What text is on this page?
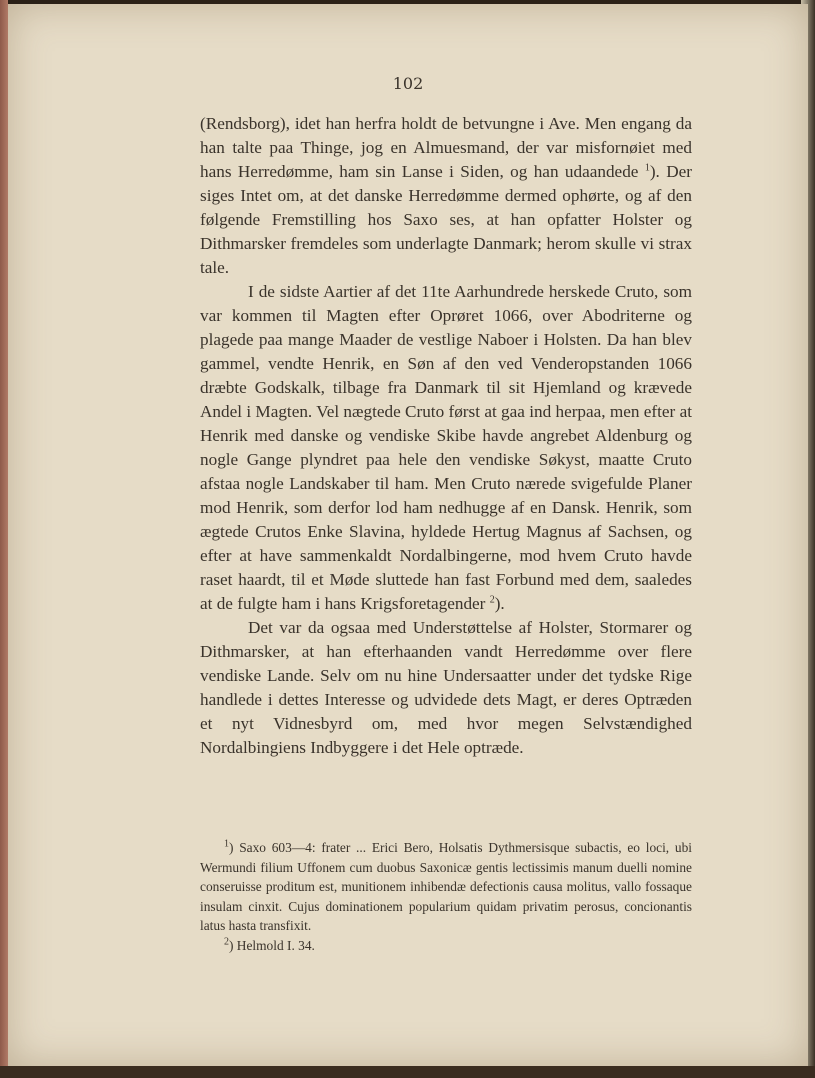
102

(Rendsborg), idet han herfra holdt de betvungne i Ave. Men engang da han talte paa Thinge, jog en Almuesmand, der var misfornøiet med hans Herredømme, ham sin Lanse i Siden, og han udaandede $^1$). Der siges Intet om, at det danske Herredømme dermed ophørte, og af den følgende Fremstilling hos Saxo ses, at han opfatter Holster og Dithmarsker fremdeles som underlagte Danmark; herom skulle vi strax tale.

I de sidste Aartier af det 11te Aarhundrede herskede Cruto, som var kommen til Magten efter Oprøret 1066, over Abodriterne og plagede paa mange Maader de vestlige Naboer i Holsten. Da han blev gammel, vendte Henrik, en Søn af den ved Venderopstanden 1066 dræbte Godskalk, tilbage fra Danmark til sit Hjemland og krævede Andel i Magten. Vel nægtede Cruto først at gaa ind herpaa, men efter at Henrik med danske og vendiske Skibe havde angrebet Aldenburg og nogle Gange plyndret paa hele den vendiske Søkyst, maatte Cruto afstaa nogle Landskaber til ham. Men Cruto nærede svigefulde Planer mod Henrik, som derfor lod ham nedhugge af en Dansk. Henrik, som ægtede Crutos Enke Slavina, hyldede Hertug Magnus af Sachsen, og efter at have sammenkaldt Nordalbingerne, mod hvem Cruto havde raset haardt, til et Møde sluttede han fast Forbund med dem, saaledes at de fulgte ham i hans Krigsforetagender $^2$).

Det var da ogsaa med Understøttelse af Holster, Stormarer og Dithmarsker, at han efterhaanden vandt Herredømme over flere vendiske Lande. Selv om nu hine Undersaatter under det tydske Rige handlede i dettes Interesse og udvidede dets Magt, er deres Optræden et nyt Vidnesbyrd om, med hvor megen Selvstændighed Nordalbingiens Indbyggere i det Hele optræde.

$^1$) Saxo 603—4: frater ... Erici Bero, Holsatis Dythmersisque subactis, eo loci, ubi Wermundi filium Uffonem cum duobus Saxonicæ gentis lectissimis manum duelli nomine conseruisse proditum est, munitionem inhibendæ defectionis causa molitus, vallo fossaque insulam cinxit. Cujus dominationem popularium quidam privatim perosus, concionantis latus hasta transfixit.

$^2$) Helmold I. 34.
